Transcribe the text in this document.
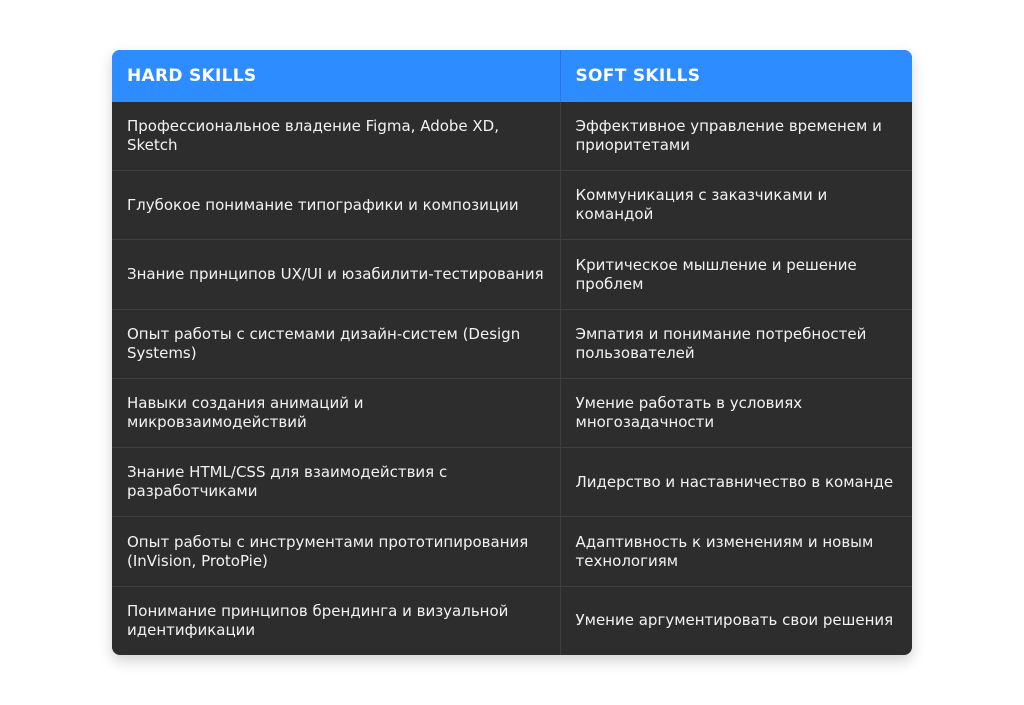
HARD SKILLS	SOFT SKILLS
Профессиональное владение Figma, Adobe XD, Sketch	Эффективное управление временем и приоритетами
Глубокое понимание типографики и композиции	Коммуникация с заказчиками и командой
Знание принципов UX/UI и юзабилити-тестирования	Критическое мышление и решение проблем
Опыт работы с системами дизайн-систем (Design Systems)	Эмпатия и понимание потребностей пользователей
Навыки создания анимаций и микровзаимодействий	Умение работать в условиях многозадачности
Знание HTML/CSS для взаимодействия с разработчиками	Лидерство и наставничество в команде
Опыт работы с инструментами прототипирования (InVision, ProtoPie)	Адаптивность к изменениям и новым технологиям
Понимание принципов брендинга и визуальной идентификации	Умение аргументировать свои решения
